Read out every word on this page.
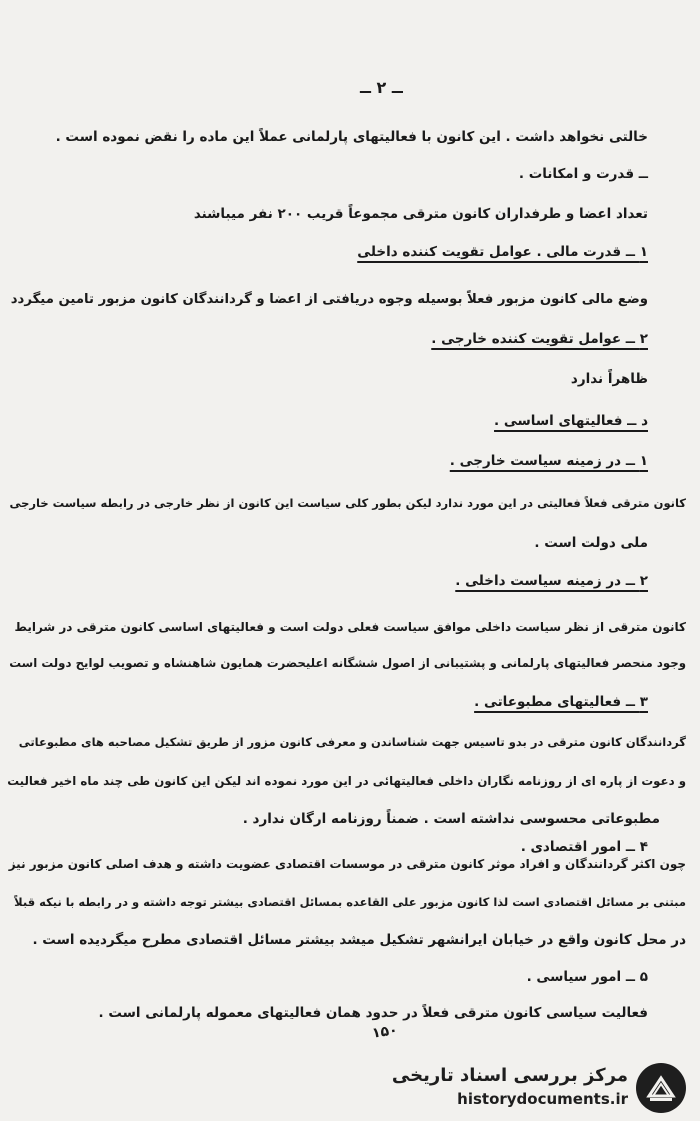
ــ ۲ ــ
خالتی نخواهد داشت . این کانون با فعالیتهای پارلمانی عملاً این ماده را نقض نموده است .
ــ قدرت و امکانات .
تعداد اعضا و طرفداران کانون مترقی مجموعاً قریب ۲۰۰ نفر میباشند
۱ ــ قدرت مالی . عوامل تقویت کننده داخلی
وضع مالی کانون مزبور فعلاً بوسیله وجوه دریافتی از اعضا و گردانندگان کانون مزبور تامین میگردد
۲ ــ عوامل تقویت کننده خارجی .
ظاهراً ندارد
د ــ فعالیتهای اساسی .
۱ ــ در زمینه سیاست خارجی .
کانون مترقی فعلاً فعالیتی در این مورد ندارد لیکن بطور کلی سیاست این کانون از نظر خارجی در رابطه سیاست خارجی
ملی دولت است .
۲ ــ در زمینه سیاست داخلی .
کانون مترقی از نظر سیاست داخلی موافق سیاست فعلی دولت است و فعالیتهای اساسی کانون مترقی در شرایط
وجود منحصر فعالیتهای پارلمانی و پشتیبانی از اصول ششگانه اعلیحضرت همایون شاهنشاه و تصویب لوایح دولت است
۳ ــ فعالیتهای مطبوعاتی .
گردانندگان کانون مترقی در بدو تاسیس جهت شناساندن و معرفی کانون مزور از طریق تشکیل مصاحبه های مطبوعاتی
و دعوت از پاره ای از روزنامه نگاران داخلی فعالیتهائی در این مورد نموده اند لیکن این کانون طی چند ماه اخیر فعالیت
مطبوعاتی محسوسی نداشته است . ضمناً روزنامه ارگان ندارد .
۴ ــ امور اقتصادی .
چون اکثر گردانندگان و افراد موثر کانون مترقی در موسسات اقتصادی عضویت داشته و هدف اصلی کانون مزبور نیز
مبتنی بر مسائل اقتصادی است لذا کانون مزبور علی القاعده بمسائل اقتصادی بیشتر توجه داشته و در رابطه با نیکه قبلاً
در محل کانون واقع در خیابان ایرانشهر تشکیل میشد بیشتر مسائل اقتصادی مطرح میگردیده است .
۵ ــ امور سیاسی .
فعالیت سیاسی کانون مترقی فعلاً در حدود همان فعالیتهای معموله پارلمانی است .
۱۵۰
مرکز بررسی اسناد تاریخی
historydocuments.ir
